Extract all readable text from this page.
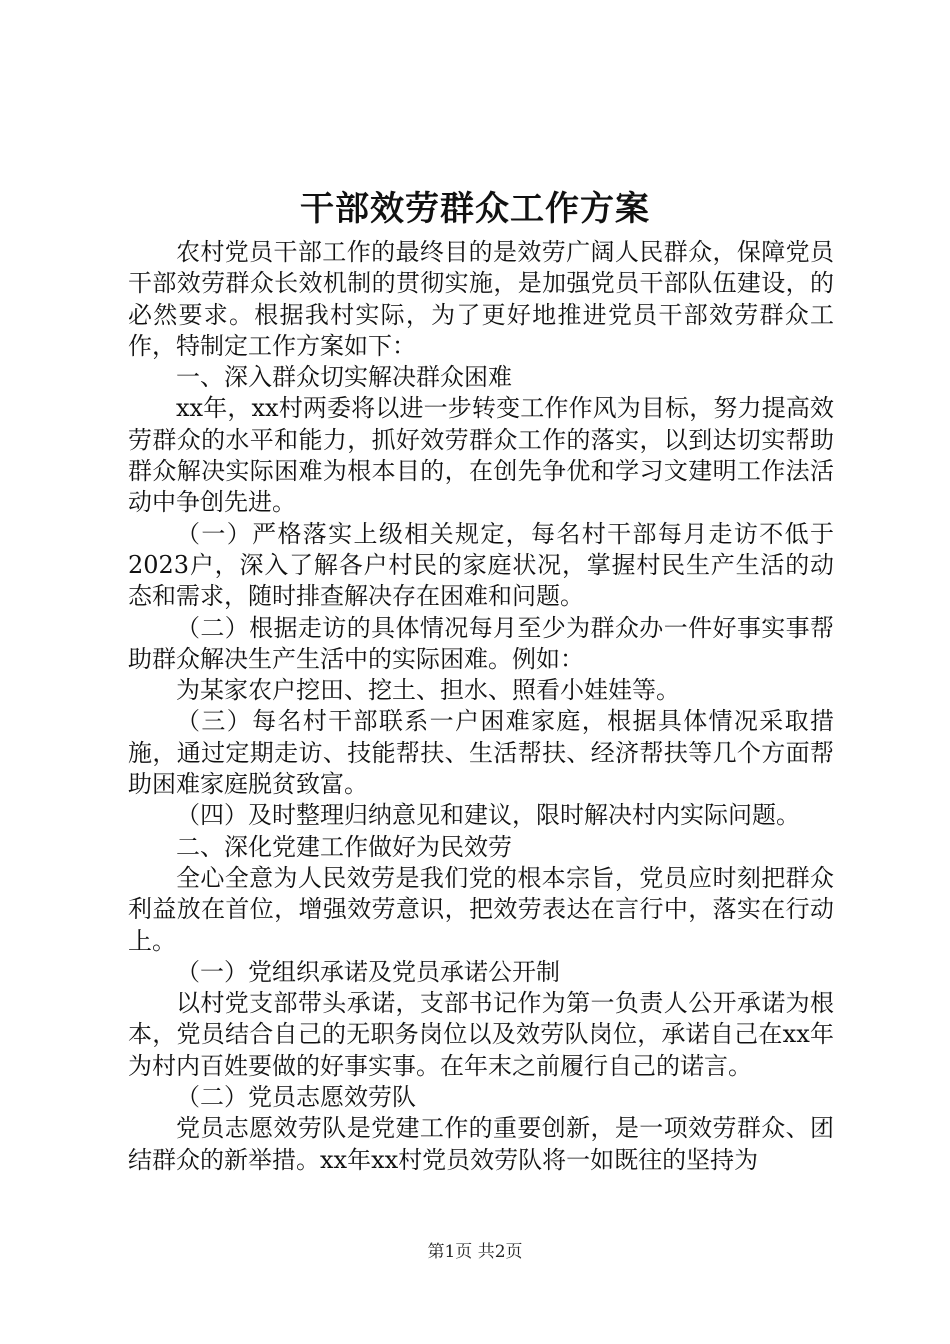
干部效劳群众工作方案

农村党员干部工作的最终目的是效劳广阔人民群众，保障党员干部效劳群众长效机制的贯彻实施，是加强党员干部队伍建设，的必然要求。根据我村实际，为了更好地推进党员干部效劳群众工作，特制定工作方案如下：

一、深入群众切实解决群众困难

xx年，xx村两委将以进一步转变工作作风为目标，努力提高效劳群众的水平和能力，抓好效劳群众工作的落实，以到达切实帮助群众解决实际困难为根本目的，在创先争优和学习文建明工作法活动中争创先进。

（一）严格落实上级相关规定，每名村干部每月走访不低于2023户，深入了解各户村民的家庭状况，掌握村民生产生活的动态和需求，随时排查解决存在困难和问题。

（二）根据走访的具体情况每月至少为群众办一件好事实事帮助群众解决生产生活中的实际困难。例如：

为某家农户挖田、挖土、担水、照看小娃娃等。

（三）每名村干部联系一户困难家庭，根据具体情况采取措施，通过定期走访、技能帮扶、生活帮扶、经济帮扶等几个方面帮助困难家庭脱贫致富。

（四）及时整理归纳意见和建议，限时解决村内实际问题。

二、深化党建工作做好为民效劳

全心全意为人民效劳是我们党的根本宗旨，党员应时刻把群众利益放在首位，增强效劳意识，把效劳表达在言行中，落实在行动上。

（一）党组织承诺及党员承诺公开制

以村党支部带头承诺，支部书记作为第一负责人公开承诺为根本，党员结合自己的无职务岗位以及效劳队岗位，承诺自己在xx年为村内百姓要做的好事实事。在年末之前履行自己的诺言。

（二）党员志愿效劳队

党员志愿效劳队是党建工作的重要创新，是一项效劳群众、团结群众的新举措。xx年xx村党员效劳队将一如既往的坚持为

第1页 共2页
